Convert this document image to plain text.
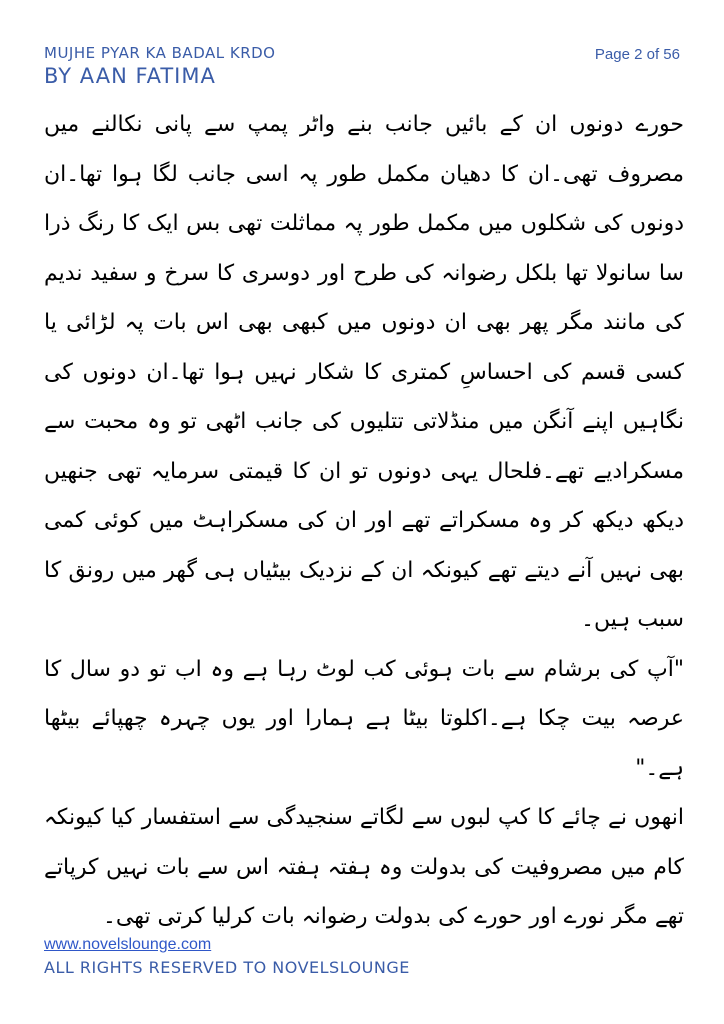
MUJHE PYAR KA BADAL KRDO
BY AAN FATIMA
Page 2 of 56

حورے دونوں ان کے بائیں جانب بنے واٹر پمپ سے پانی نکالنے میں مصروف تھی۔ان کا دھیان مکمل طور پہ اسی جانب لگا ہوا تھا۔ان دونوں کی شکلوں میں مکمل طور پہ مماثلت تھی بس ایک کا رنگ ذرا سا سانولا تھا بلکل رضوانہ کی طرح اور دوسری کا سرخ و سفید ندیم کی مانند مگر پھر بھی ان دونوں میں کبھی بھی اس بات پہ لڑائی یا کسی قسم کی احساسِ کمتری کا شکار نہیں ہوا تھا۔ان دونوں کی نگاہیں اپنے آنگن میں منڈلاتی تتلیوں کی جانب اٹھی تو وہ محبت سے مسکرادیے تھے۔فلحال یہی دونوں تو ان کا قیمتی سرمایہ تھی جنھیں دیکھ دیکھ کر وہ مسکراتے تھے اور ان کی مسکراہٹ میں کوئی کمی بھی نہیں آنے دیتے تھے کیونکہ ان کے نزدیک بیٹیاں ہی گھر میں رونق کا سبب ہیں۔

"آپ کی برشام سے بات ہوئی کب لوٹ رہا ہے وہ اب تو دو سال کا عرصہ بیت چکا ہے۔اکلوتا بیٹا ہے ہمارا اور یوں چہرہ چھپائے بیٹھا ہے۔"

انھوں نے چائے کا کپ لبوں سے لگاتے سنجیدگی سے استفسار کیا کیونکہ کام میں مصروفیت کی بدولت وہ ہفتہ ہفتہ اس سے بات نہیں کرپاتے تھے مگر نورے اور حورے کی بدولت رضوانہ بات کرلیا کرتی تھی۔

www.novelslounge.com
ALL RIGHTS RESERVED TO NOVELSLOUNGE
